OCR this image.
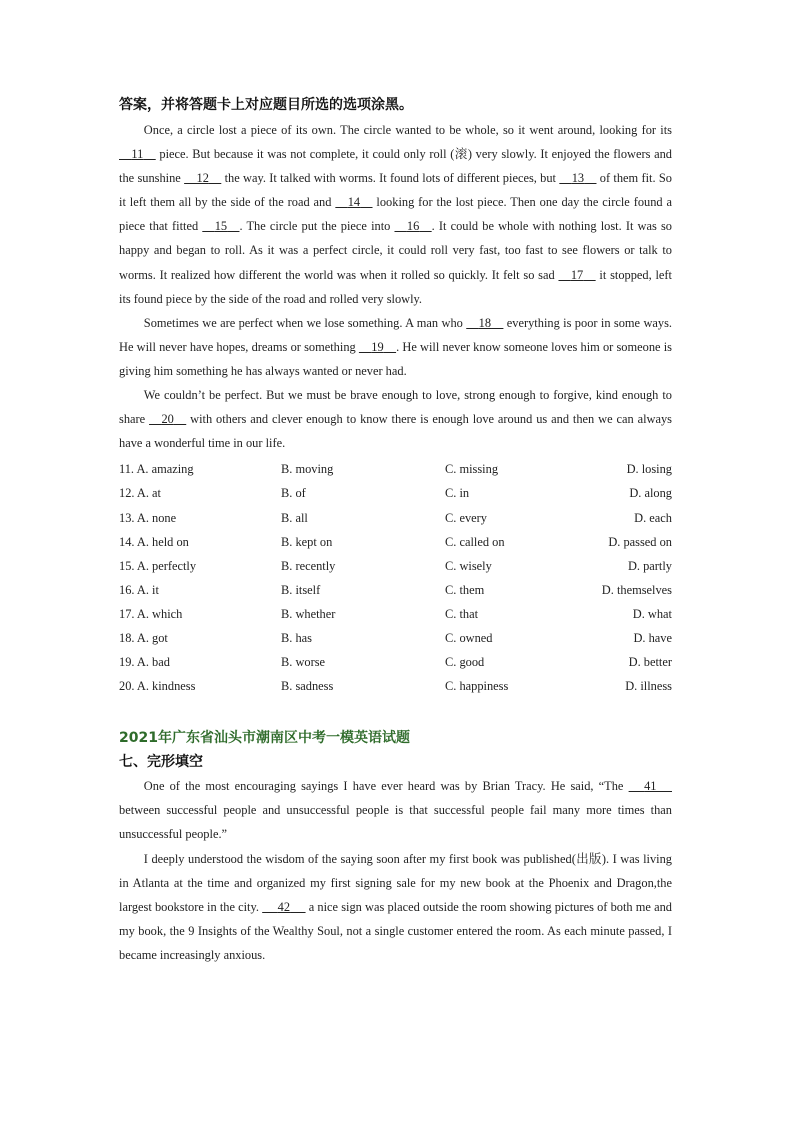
答案，并将答题卡上对应题目所选的选项涂黑。

Once, a circle lost a piece of its own. The circle wanted to be whole, so it went around, looking for its     11     piece. But because it was not complete, it could only roll (滚) very slowly. It enjoyed the flowers and the sunshine     12     the way. It talked with worms. It found lots of different pieces, but     13     of them fit. So it left them all by the side of the road and     14     looking for the lost piece. Then one day the circle found a piece that fitted     15 . The circle put the piece into     16 . It could be whole with nothing lost. It was so happy and began to roll. As it was a perfect circle, it could roll very fast, too fast to see flowers or talk to worms. It realized how different the world was when it rolled so quickly. It felt so sad     17     it stopped, left its found piece by the side of the road and rolled very slowly.

Sometimes we are perfect when we lose something. A man who     18     everything is poor in some ways. He will never have hopes, dreams or something     19 . He will never know someone loves him or someone is giving him something he has always wanted or never had.

We couldn’t be perfect. But we must be brave enough to love, strong enough to forgive, kind enough to share     20     with others and clever enough to know there is enough love around us and then we can always have a wonderful time in our life.

11. A. amazing	B. moving	C. missing	D. losing
12. A. at	B. of	C. in	D. along
13. A. none	B. all	C. every	D. each
14. A. held on	B. kept on	C. called on	D. passed on
15. A. perfectly	B. recently	C. wisely	D. partly
16. A. it	B. itself	C. them	D. themselves
17. A. which	B. whether	C. that	D. what
18. A. got	B. has	C. owned	D. have
19. A. bad	B. worse	C. good	D. better
20. A. kindness	B. sadness	C. happiness	D. illness
2021年广东省汕头市潮南区中考一模英语试题
七、完形填空

One of the most encouraging sayings I have ever heard was by Brian Tracy. He said, “The      41      between successful people and unsuccessful people is that successful people fail many more times than unsuccessful people.”

I deeply understood the wisdom of the saying soon after my first book was published(出版). I was living in Atlanta at the time and organized my first signing sale for my new book at the Phoenix and Dragon,the largest bookstore in the city.      42      a nice sign was placed outside the room showing pictures of both me and my book, the 9 Insights of the Wealthy Soul, not a single customer entered the room. As each minute passed, I became increasingly anxious.
